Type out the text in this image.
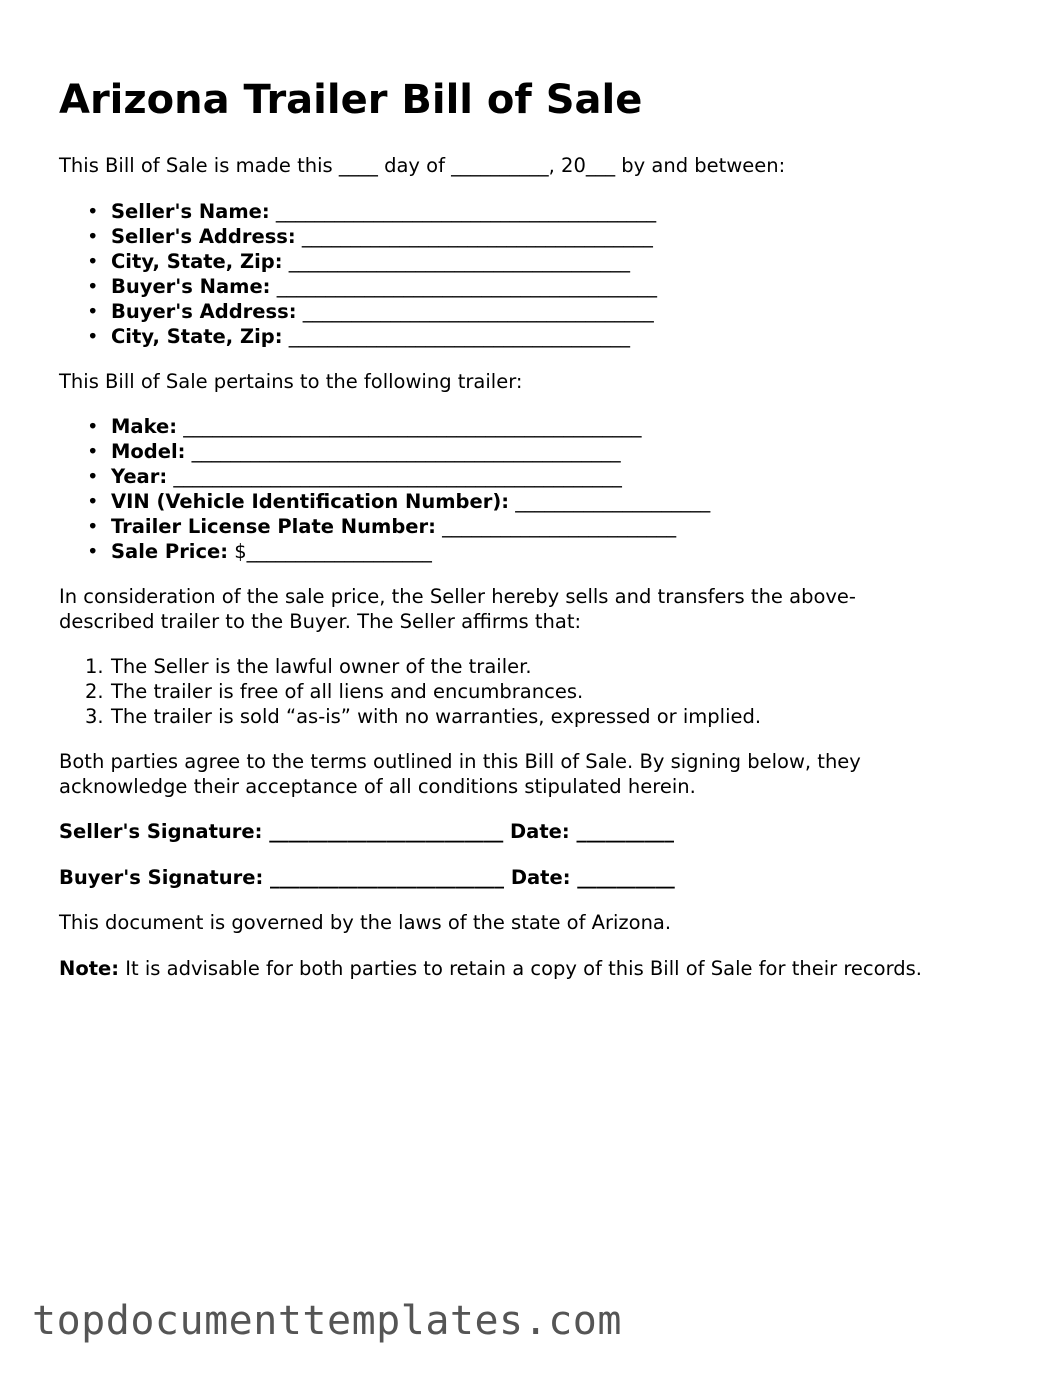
Arizona Trailer Bill of Sale

This Bill of Sale is made this ____ day of __________, 20___ by and between:

• Seller's Name: _______________________________________
• Seller's Address: ____________________________________
• City, State, Zip: ___________________________________
• Buyer's Name: _______________________________________
• Buyer's Address: ____________________________________
• City, State, Zip: ___________________________________

This Bill of Sale pertains to the following trailer:

• Make: _______________________________________________
• Model: ____________________________________________
• Year: ______________________________________________
• VIN (Vehicle Identification Number): ____________________
• Trailer License Plate Number: ________________________
• Sale Price: $___________________

In consideration of the sale price, the Seller hereby sells and transfers the above-

described trailer to the Buyer. The Seller affirms that:

1. The Seller is the lawful owner of the trailer.
2. The trailer is free of all liens and encumbrances.
3. The trailer is sold “as-is” with no warranties, expressed or implied.

Both parties agree to the terms outlined in this Bill of Sale. By signing below, they

acknowledge their acceptance of all conditions stipulated herein.

Seller's Signature: ________________________ Date: __________

Buyer's Signature: ________________________ Date: __________

This document is governed by the laws of the state of Arizona.

Note: It is advisable for both parties to retain a copy of this Bill of Sale for their records.

topdocumenttemplates.com
